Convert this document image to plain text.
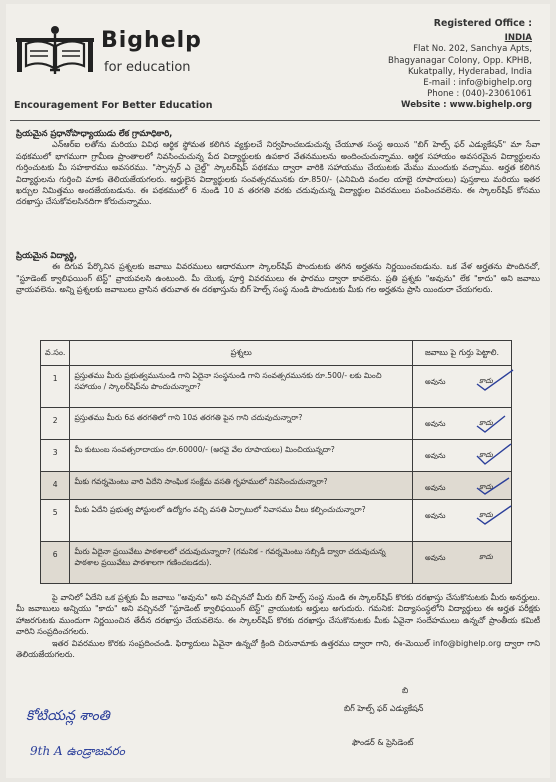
Bighelp
for education
Encouragement For Better Education
Registered Office :
INDIA
Flat No. 202, Sanchya Apts,
Bhagyanagar Colony, Opp. KPHB,
Kukatpally, Hyderabad, India
E-mail : info@bighelp.org
Phone : (040)-23061061
Website : www.bighelp.org
ప్రియమైన ప్రధానోపాధ్యాయుడు లేక గ్రామాధికారి,
ఎన్ఆర్ఐ లతోను మరియు వివిధ ఆర్థిక స్థోమత కలిగిన వ్యక్తులచే నిర్వహించబడుచున్న చేయూత సంస్థ అయిన "బిగ్ హెల్ప్ ఫర్ ఎడ్యుకేషన్" మా సేవా పథకములో భాగముగా గ్రామీణ ప్రాంతాలలో నివసించుచున్న పేద విద్యార్థులకు ఉపకార వేతనములను అందించుచున్నాము. ఆర్థిక సహాయం అవసరమైన విద్యార్థులను గుర్తించుటకు మీ సహకారము అవసరము. "స్పాన్సర్ ఎ చైల్డ్" స్కాలర్‌షిప్ పథకము ద్వారా వారికి సహాయము చేయుటకు మేము ముందుకు వచ్చాము. అర్హత కలిగిన విద్యార్థులను గుర్తించి మాకు తెలియజేయగలరు. అర్హులైన విద్యార్థులకు సంవత్సరమునకు రూ.850/- (ఎనిమిది వందల యాభై రూపాయలు) పుస్తకాలు మరియు ఇతర ఖర్చుల నిమిత్తము అందజేయబడును. ఈ పథకములో 6 నుండి 10 వ తరగతి వరకు చదువుచున్న విద్యార్థుల వివరములు పంపించవలెను. ఈ స్కాలర్‌షిప్ కోసము దరఖాస్తు చేసుకోవలసినదిగా కోరుచున్నాము.
ప్రియమైన విద్యార్థి,
ఈ దిగువ పేర్కొనిన ప్రశ్నలకు జవాబు వివరములు ఆధారముగా స్కాలర్‌షిప్ పొందుటకు తగిన అర్హతను నిర్ణయించబడును. ఒక వేళ అర్హతను పొందినచో, "స్టూడెంట్ క్వాలిఫయింగ్ టెస్ట్" వ్రాయవలసి ఉంటుంది. మీ యొక్క పూర్తి వివరములు ఈ ఫారము ద్వారా కావలెను. ప్రతి ప్రశ్నకు "అవును" లేక "కాదు" అని జవాబు వ్రాయవలెను. అన్ని ప్రశ్నలకు జవాబులు వ్రాసిన తరువాత ఈ దరఖాస్తును బిగ్ హెల్ప్ సంస్థ నుండి పొందుటకు మీకు గల అర్హతను ప్రాసి యిందురా చేయగలరు.
వ.సం.	ప్రశ్నలు	జవాబు పై గుర్తు పెట్టాలి.
1	ప్రస్తుతము మీరు ప్రభుత్వమునుండి గాని ఏదైనా సంస్థనుండి గాని సంవత్సరమునకు రూ.500/- లకు మించి సహాయం / స్కాలర్‌షిప్‌ను పొందుచున్నారా?	అవును కాదు

2	ప్రస్తుతము మీరు 6వ తరగతిలో గాని 10వ తరగతి పైన గాని చదువుచున్నారా?	అవును కాదు

3	మీ కుటుంబ సంవత్సరాదాయం రూ.60000/- (అరవై వేల రూపాయలు) మించియున్నదా?	అవును కాదు

4	మీకు గవర్నమెంటు వారి ఏదేని సాంఘిక సంక్షేమ వసతి గృహములో నివసించుచున్నారా?	అవును కాదు

5	మీకు ఏదేని ప్రభుత్వ పోస్టులలో ఉద్యోగం వచ్చి వసతి ఏర్పాటులో నివాసము వీలు కల్పించుచున్నారా?	అవును కాదు

6	మీరు ఏదైనా ప్రయివేటు పాఠశాలలో చదువుచున్నారా? (గమనిక - గవర్నమెంటు సబ్సిడీ ద్వారా చదువుచున్న పాఠశాల ప్రయివేటు పాఠశాలగా గణించబడదు).	అవును కాదు
పై వానిలో ఏదేని ఒక ప్రశ్నకు మీ జవాబు "అవును" అని వచ్చినచో మీరు బిగ్ హెల్ప్ సంస్థ నుండి ఈ స్కాలర్‌షిప్ కొరకు దరఖాస్తు చేసుకొనుటకు మీరు అనర్హులు. మీ జవాబులు అన్నియు "కాదు" అని వచ్చినచో "స్టూడెంట్ క్వాలిఫయింగ్ టెస్ట్" వ్రాయుటకు అర్హులు అగుదురు. గమనిక: విద్యాసంస్థలోని విద్యార్థులు ఈ అర్హత పరీక్షకు హాజరగుటకు ముందుగా నిర్ణయించిన తేదీన దరఖాస్తు చేయవలెను. ఈ స్కాలర్‌షిప్ కొరకు దరఖాస్తు చేసుకొనుటకు మీకు ఏవైనా సందేహములు ఉన్నచో ప్రాంతీయ కమిటీ వారిని సంప్రదించగలరు.
ఇతర వివరముల కొరకు సంప్రదించండి. ఫిర్యాదులు ఏవైనా ఉన్నచో క్రింది చిరునామాకు ఉత్తరము ద్వారా గాని, ఈ-మెయిల్ info@bighelp.org ద్వారా గాని తెలియజేయగలరు.
బి
బిగ్ హెల్ప్ ఫర్ ఎడ్యుకేషన్
ఫౌండర్ & ప్రెసిడెంట్
కోటియన్ల శాంతి
9th A ఉండ్రాజవరం
